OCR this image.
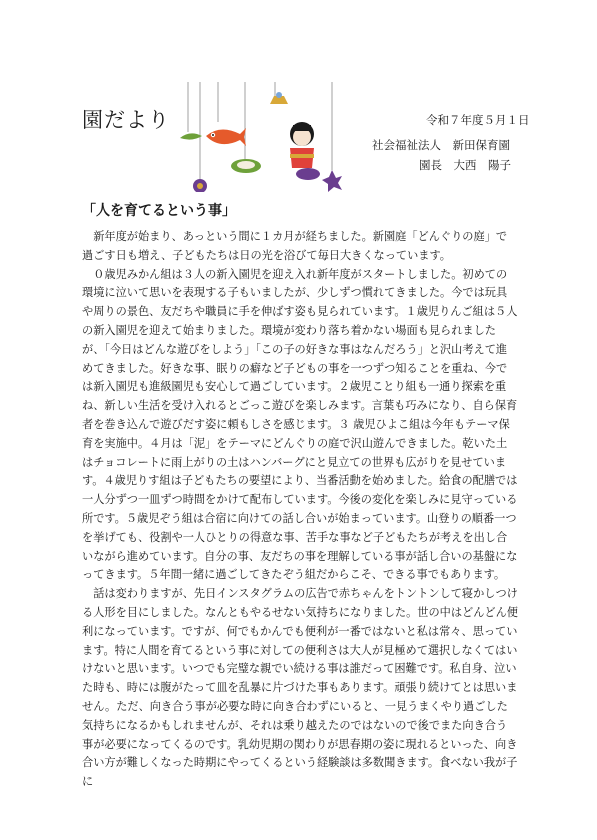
園だより	令和７年度５月１日
社会福祉法人　新田保育園
園長　大西　陽子
「人を育てるという事」

新年度が始まり、あっという間に１カ月が経ちました。新園庭「どんぐりの庭」で過ごす日も増え、子どもたちは日の光を浴びて毎日大きくなっています。

０歳児みかん組は３人の新入園児を迎え入れ新年度がスタートしました。初めての環境に泣いて思いを表現する子もいましたが、少しずつ慣れてきました。今では玩具や周りの景色、友だちや職員に手を伸ばす姿も見られています。１歳児りんご組は５人の新入園児を迎えて始まりました。環境が変わり落ち着かない場面も見られましたが、「今日はどんな遊びをしよう」「この子の好きな事はなんだろう」と沢山考えて進めてきました。好きな事、眠りの癖など子どもの事を一つずつ知ることを重ね、今では新入園児も進級園児も安心して過ごしています。２歳児ことり組も一通り探索を重ね、新しい生活を受け入れるとごっこ遊びを楽しみます。言葉も巧みになり、自ら保育者を巻き込んで遊びだす姿に頼もしさを感じます。３ 歳児ひよこ組は今年もテーマ保育を実施中。４月は「泥」をテーマにどんぐりの庭で沢山遊んできました。乾いた土はチョコレートに雨上がりの土はハンバーグにと見立ての世界も広がりを見せています。４歳児りす組は子どもたちの要望により、当番活動を始めました。給食の配膳では一人分ずつ一皿ずつ時間をかけて配布しています。今後の変化を楽しみに見守っている所です。５歳児ぞう組は合宿に向けての話し合いが始まっています。山登りの順番一つを挙げても、役割や一人ひとりの得意な事、苦手な事など子どもたちが考えを出し合いながら進めています。自分の事、友だちの事を理解している事が話し合いの基盤になってきます。５年間一緒に過ごしてきたぞう組だからこそ、できる事でもあります。

話は変わりますが、先日インスタグラムの広告で赤ちゃんをトントンして寝かしつける人形を目にしました。なんともやるせない気持ちになりました。世の中はどんどん便利になっています。ですが、何でもかんでも便利が一番ではないと私は常々、思っています。特に人間を育てるという事に対しての便利さは大人が見極めて選択しなくてはいけないと思います。いつでも完璧な親でい続ける事は誰だって困難です。私自身、泣いた時も、時には腹がたって皿を乱暴に片づけた事もあります。頑張り続けてとは思いません。ただ、向き合う事が必要な時に向き合わずにいると、一見うまくやり過ごした気持ちになるかもしれませんが、それは乗り越えたのではないので後でまた向き合う事が必要になってくるのです。乳幼児期の関わりが思春期の姿に現れるといった、向き合い方が難しくなった時期にやってくるという経験談は多数聞きます。食べない我が子に
